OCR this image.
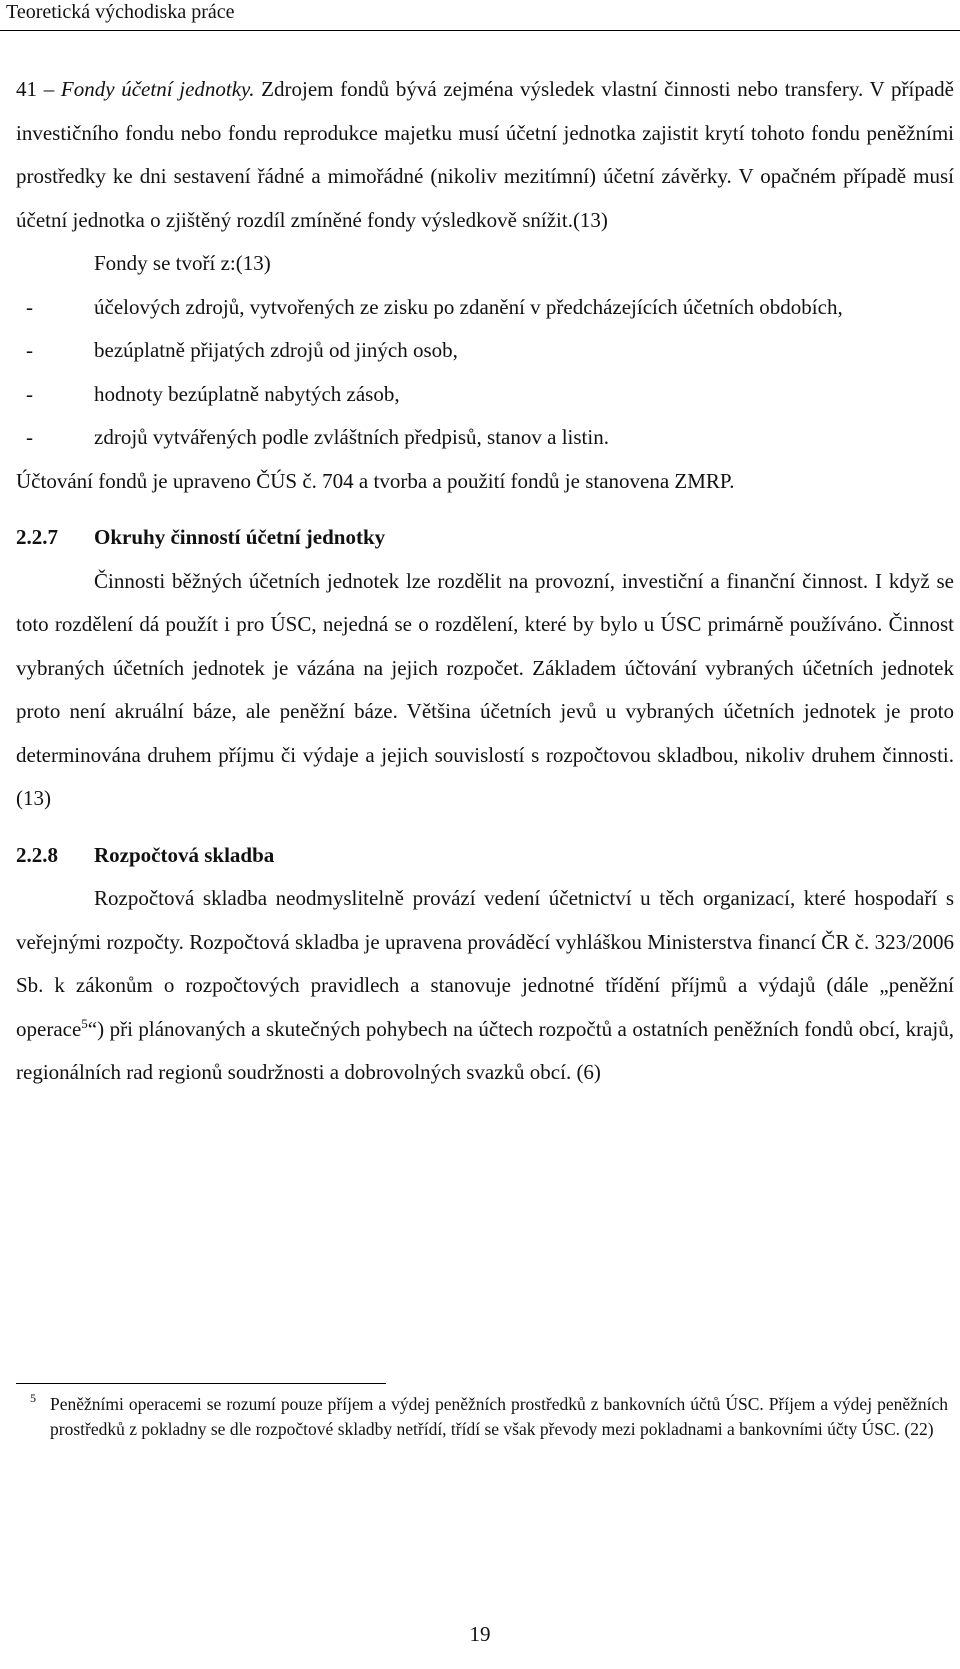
Teoretická východiska práce

41 – Fondy účetní jednotky. Zdrojem fondů bývá zejména výsledek vlastní činnosti nebo transfery. V případě investičního fondu nebo fondu reprodukce majetku musí účetní jednotka zajistit krytí tohoto fondu peněžními prostředky ke dni sestavení řádné a mimořádné (nikoliv mezitímní) účetní závěrky. V opačném případě musí účetní jednotka o zjištěný rozdíl zmíněné fondy výsledkově snížit.(13)

Fondy se tvoří z:(13)

-	účelových zdrojů, vytvořených ze zisku po zdanění v předcházejících účetních obdobích,
-	bezúplatně přijatých zdrojů od jiných osob,
-	hodnoty bezúplatně nabytých zásob,
-	zdrojů vytvářených podle zvláštních předpisů, stanov a listin.

Účtování fondů je upraveno ČÚS č. 704 a tvorba a použití fondů je stanovena ZMRP.

2.2.7 Okruhy činností účetní jednotky

Činnosti běžných účetních jednotek lze rozdělit na provozní, investiční a finanční činnost. I když se toto rozdělení dá použít i pro ÚSC, nejedná se o rozdělení, které by bylo u ÚSC primárně používáno. Činnost vybraných účetních jednotek je vázána na jejich rozpočet. Základem účtování vybraných účetních jednotek proto není akruální báze, ale peněžní báze. Většina účetních jevů u vybraných účetních jednotek je proto determinována druhem příjmu či výdaje a jejich souvislostí s rozpočtovou skladbou, nikoliv druhem činnosti. (13)

2.2.8 Rozpočtová skladba

Rozpočtová skladba neodmyslitelně provází vedení účetnictví u těch organizací, které hospodaří s veřejnými rozpočty. Rozpočtová skladba je upravena prováděcí vyhláškou Ministerstva financí ČR č. 323/2006 Sb. k zákonům o rozpočtových pravidlech a stanovuje jednotné třídění příjmů a výdajů (dále „peněžní operace$^5$“) při plánovaných a skutečných pohybech na účtech rozpočtů a ostatních peněžních fondů obcí, krajů, regionálních rad regionů soudržnosti a dobrovolných svazků obcí. (6)

5 Peněžními operacemi se rozumí pouze příjem a výdej peněžních prostředků z bankovních účtů ÚSC. Příjem a výdej peněžních prostředků z pokladny se dle rozpočtové skladby netřídí, třídí se však převody mezi pokladnami a bankovními účty ÚSC. (22)
19
